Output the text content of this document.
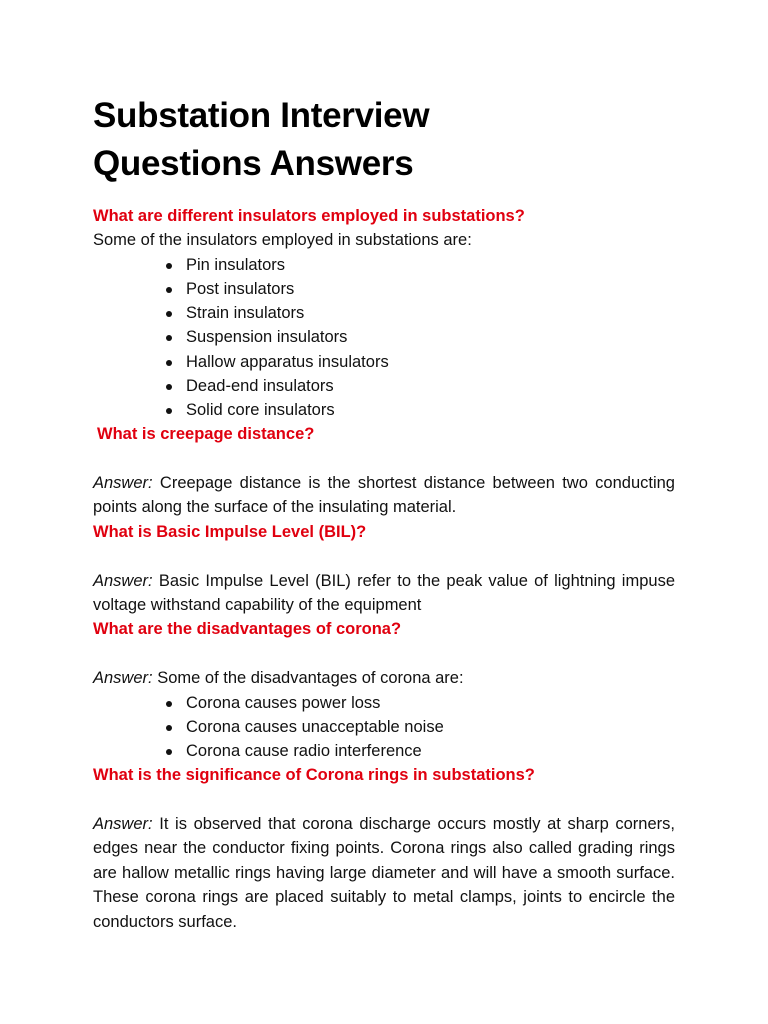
Substation Interview
Questions Answers

What are different insulators employed in substations?

Some of the insulators employed in substations are:

Pin insulators
Post insulators
Strain insulators
Suspension insulators
Hallow apparatus insulators
Dead-end insulators
Solid core insulators

What is creepage distance?

Answer: Creepage distance is the shortest distance between two conducting points along the surface of the insulating material.

What is Basic Impulse Level (BIL)?

Answer: Basic Impulse Level (BIL) refer to the peak value of lightning impuse voltage withstand capability of the equipment

What are the disadvantages of corona?

Answer: Some of the disadvantages of corona are:

Corona causes power loss
Corona causes unacceptable noise
Corona cause radio interference

What is the significance of Corona rings in substations?

Answer: It is observed that corona discharge occurs mostly at sharp corners, edges near the conductor fixing points. Corona rings also called grading rings are hallow metallic rings having large diameter and will have a smooth surface. These corona rings are placed suitably to metal clamps, joints to encircle the conductors surface.
